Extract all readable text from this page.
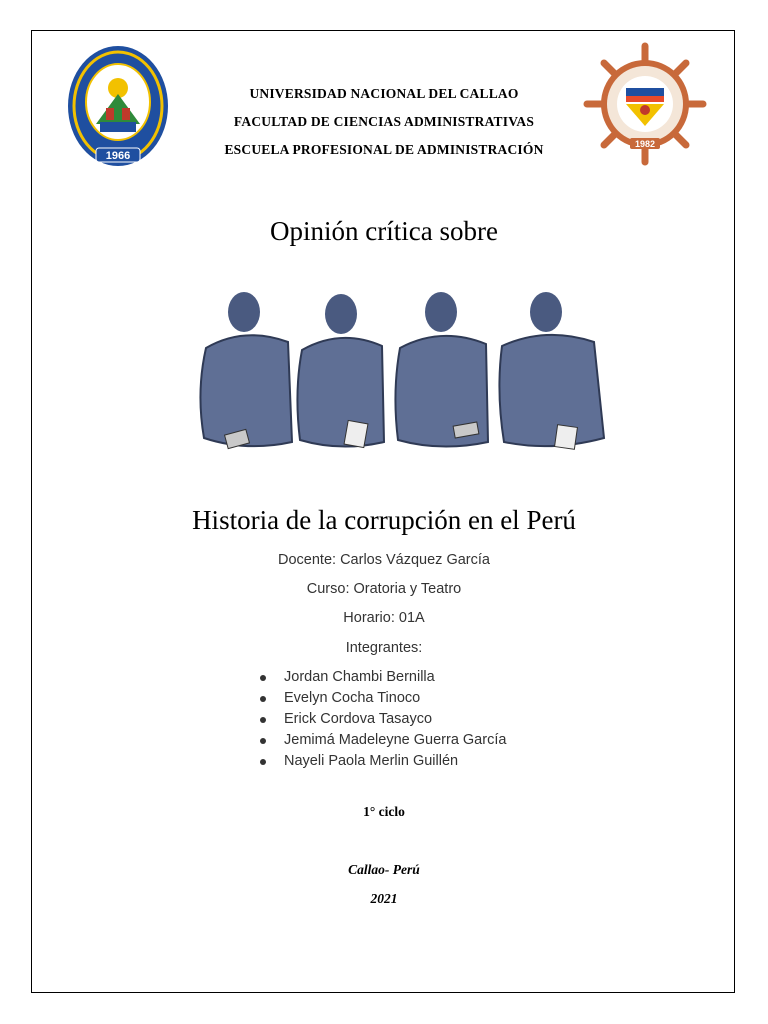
1966
1982
UNIVERSIDAD NACIONAL DEL CALLAO
FACULTAD DE CIENCIAS ADMINISTRATIVAS
ESCUELA PROFESIONAL DE ADMINISTRACIÓN
Opinión crítica sobre
Historia de la corrupción en el Perú
Docente: Carlos Vázquez García
Curso: Oratoria y Teatro
Horario: 01A
Integrantes:
Jordan Chambi Bernilla
Evelyn Cocha Tinoco
Erick Cordova Tasayco
Jemimá Madeleyne Guerra García
Nayeli Paola Merlin Guillén
1° ciclo
Callao- Perú
2021
